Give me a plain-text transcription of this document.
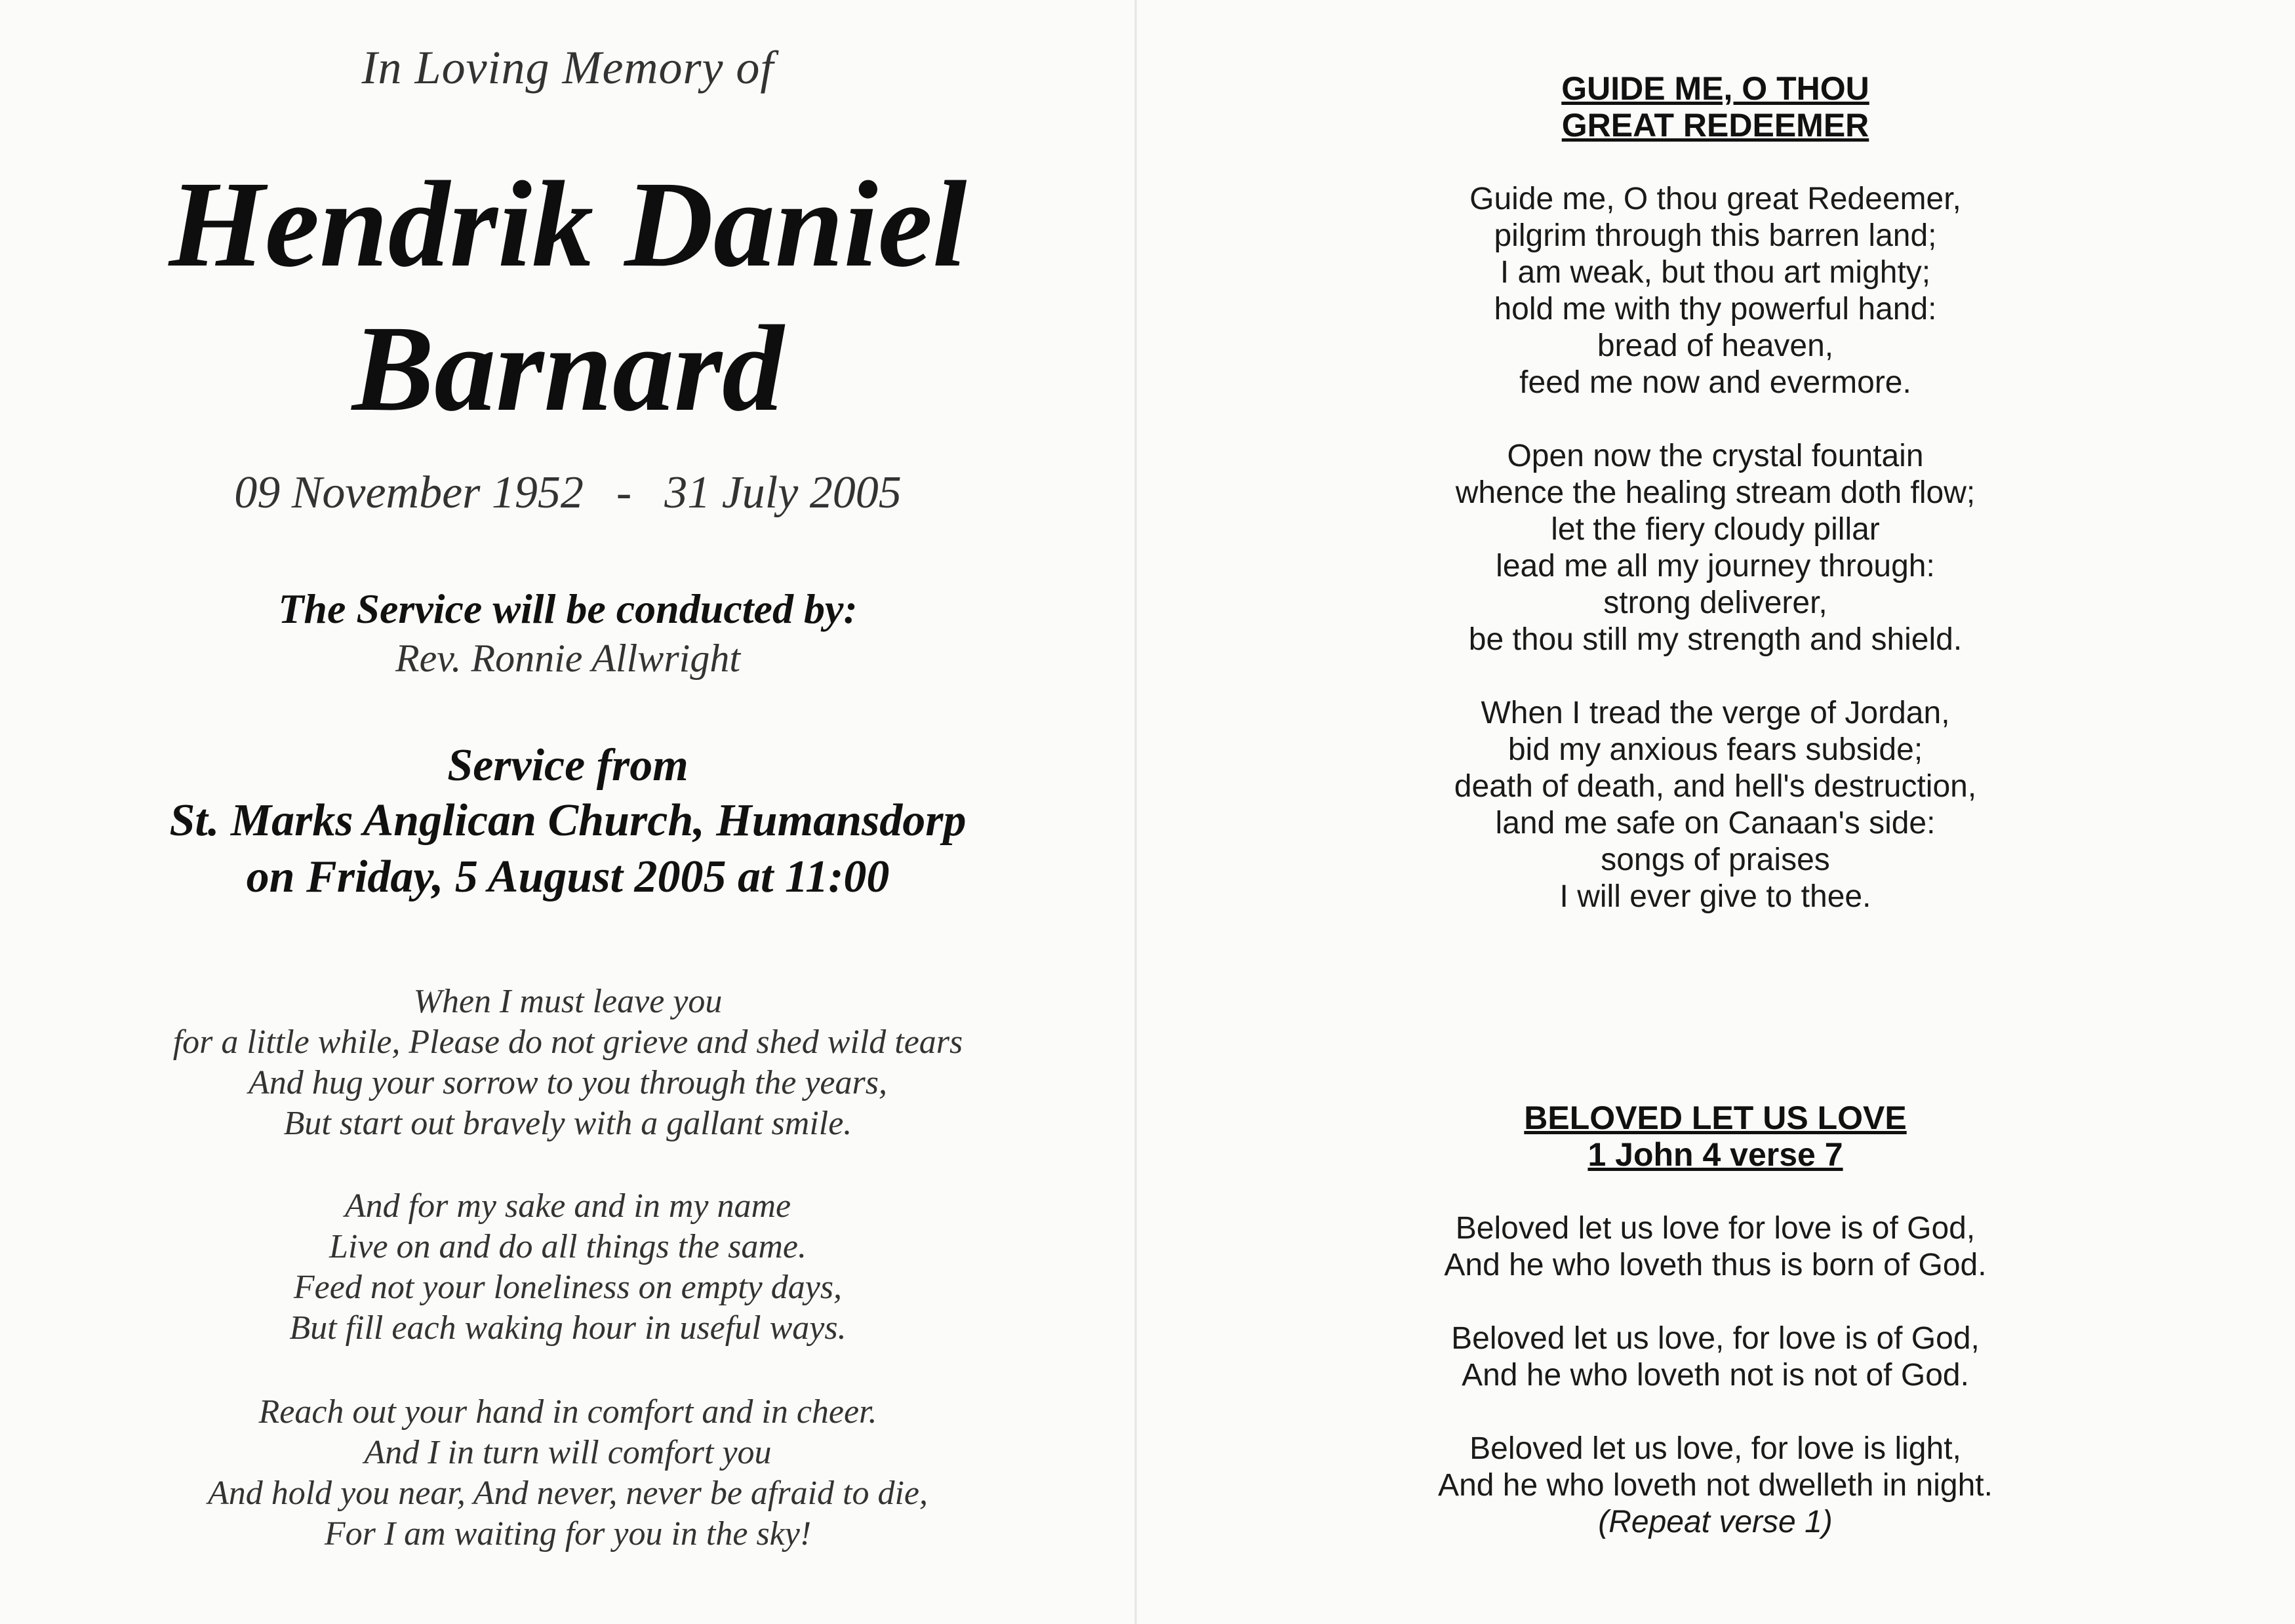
In Loving Memory of
Hendrik Daniel
Barnard
09 November 1952 - 31 July 2005
The Service will be conducted by:
Rev. Ronnie Allwright
Service from
St. Marks Anglican Church, Humansdorp
on Friday, 5 August 2005 at 11:00
When I must leave you
for a little while, Please do not grieve and shed wild tears
And hug your sorrow to you through the years,
But start out bravely with a gallant smile.
And for my sake and in my name
Live on and do all things the same.
Feed not your loneliness on empty days,
But fill each waking hour in useful ways.
Reach out your hand in comfort and in cheer.
And I in turn will comfort you
And hold you near, And never, never be afraid to die,
For I am waiting for you in the sky!
GUIDE ME, O THOU
GREAT REDEEMER
Guide me, O thou great Redeemer,
pilgrim through this barren land;
I am weak, but thou art mighty;
hold me with thy powerful hand:
bread of heaven,
feed me now and evermore.
Open now the crystal fountain
whence the healing stream doth flow;
let the fiery cloudy pillar
lead me all my journey through:
strong deliverer,
be thou still my strength and shield.
When I tread the verge of Jordan,
bid my anxious fears subside;
death of death, and hell's destruction,
land me safe on Canaan's side:
songs of praises
I will ever give to thee.
BELOVED LET US LOVE
1 John 4 verse 7
Beloved let us love for love is of God,
And he who loveth thus is born of God.
Beloved let us love, for love is of God,
And he who loveth not is not of God.
Beloved let us love, for love is light,
And he who loveth not dwelleth in night.
(Repeat verse 1)
